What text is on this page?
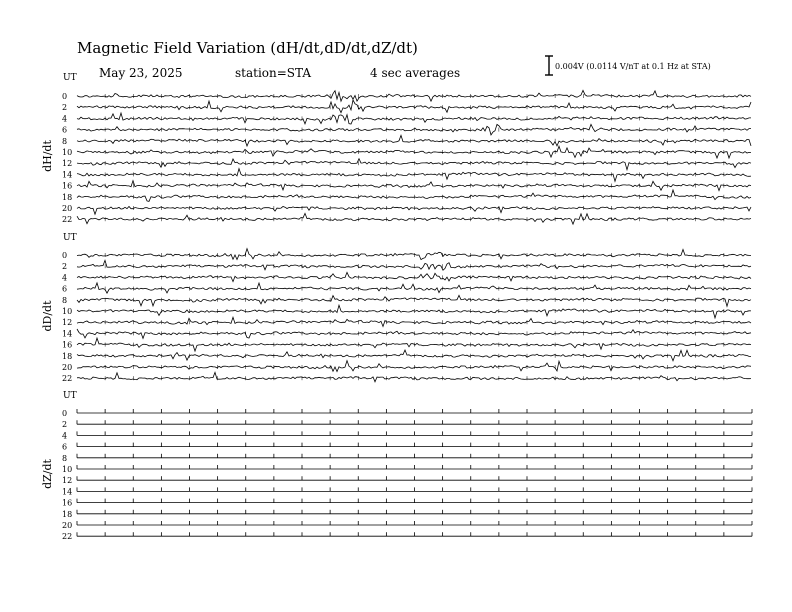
Magnetic Field Variation (dH/dt,dD/dt,dZ/dt)
May 23, 2025	station=STA	4 sec averages	0.004V (0.0114 V/nT at 0.1 Hz at STA)
UT
dH/dt
0
2
4
6
8
10
12
14
16
18
20
22
UT
dD/dt
0
2
4
6
8
10
12
14
16
18
20
22
UT
dZ/dt
0
2
4
6
8
10
12
14
16
18
20
22
